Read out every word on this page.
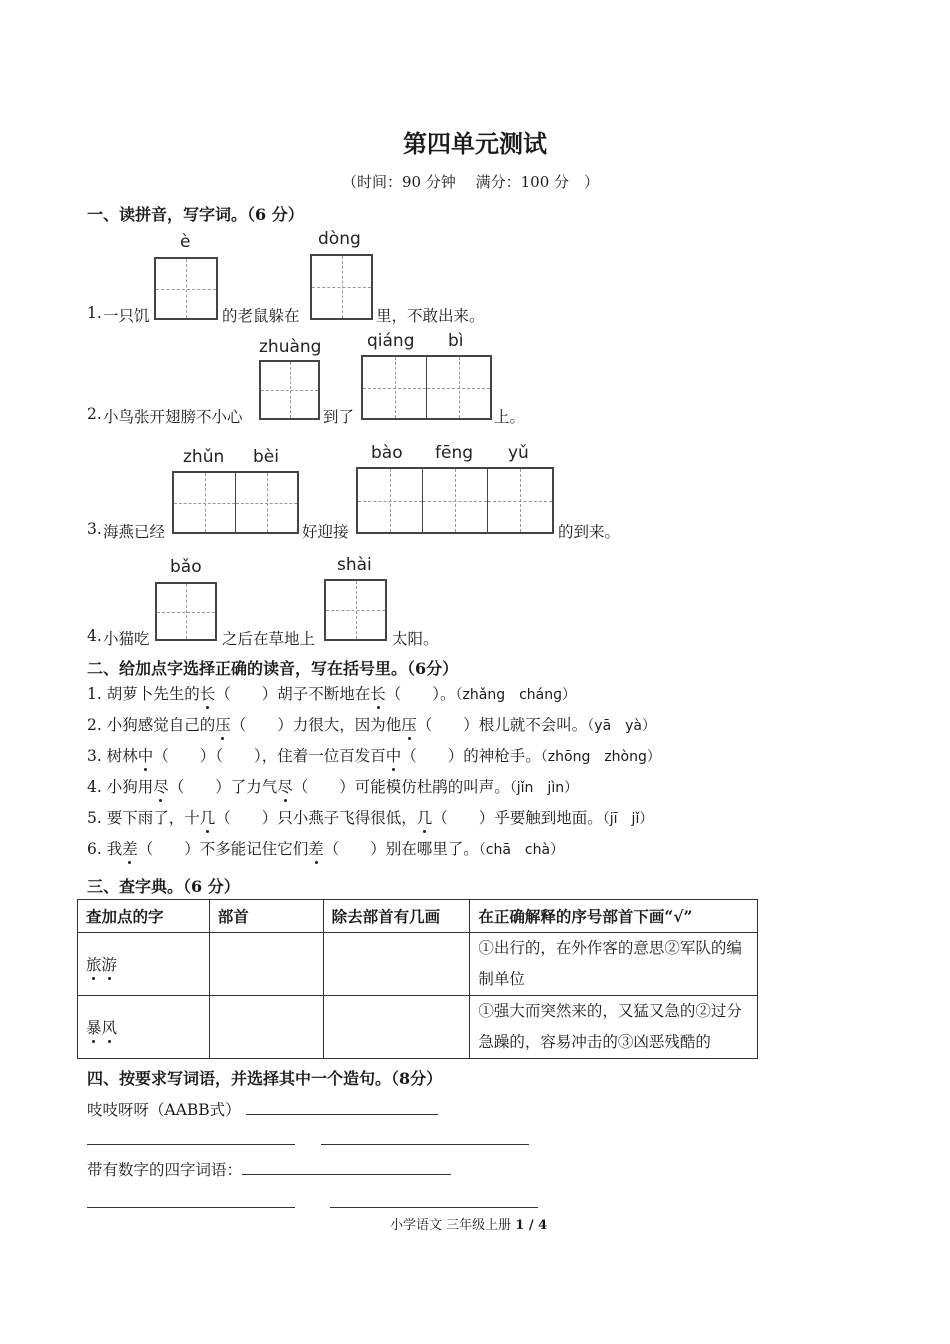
第四单元测试
（时间：90 分钟　 满分：100 分　）
一、读拼音，写字词。（6 分）
è	dòng
1. 一只饥	的老鼠躲在	里，不敢出来。
zhuàng	qiáng bì
2. 小鸟张开翅膀不小心	到了	上。
zhǔn bèi	bào fēng yǔ
3. 海燕已经	好迎接	的到来。
bǎo	shài
4. 小猫吃	之后在草地上	太阳。
二、给加点字选择正确的读音，写在括号里。（6分）
1. 胡萝卜先生的长（　　）胡子不断地在长（　　）。（zhǎng　chánɡ）
2. 小狗感觉自己的压（　　）力很大，因为他压（　　）根儿就不会叫。（yā　yà）
3. 树林中（　　）（　　），住着一位百发百中（　　）的神枪手。（zhōng　zhòng）
4. 小狗用尽（　　）了力气尽（　　）可能模仿杜鹃的叫声。（jǐn　jìn）
5. 要下雨了，十几（　　）只小燕子飞得很低，几（　　）乎要触到地面。（jī　jǐ）
6. 我差（　　）不多能记住它们差（　　）别在哪里了。（chā　chà）
三、查字典。（6 分）
查加点的字	部首	除去部首有几画	在正确解释的序号部首下画“√”
旅游			①出行的，在外作客的意思②军队的编制单位
暴风			①强大而突然来的，又猛又急的②过分急躁的，容易冲击的③凶恶残酷的
四、按要求写词语，并选择其中一个造句。（8分）
吱吱呀呀（AABB式）
带有数字的四字词语：
小学语文 三年级上册 1 / 4
